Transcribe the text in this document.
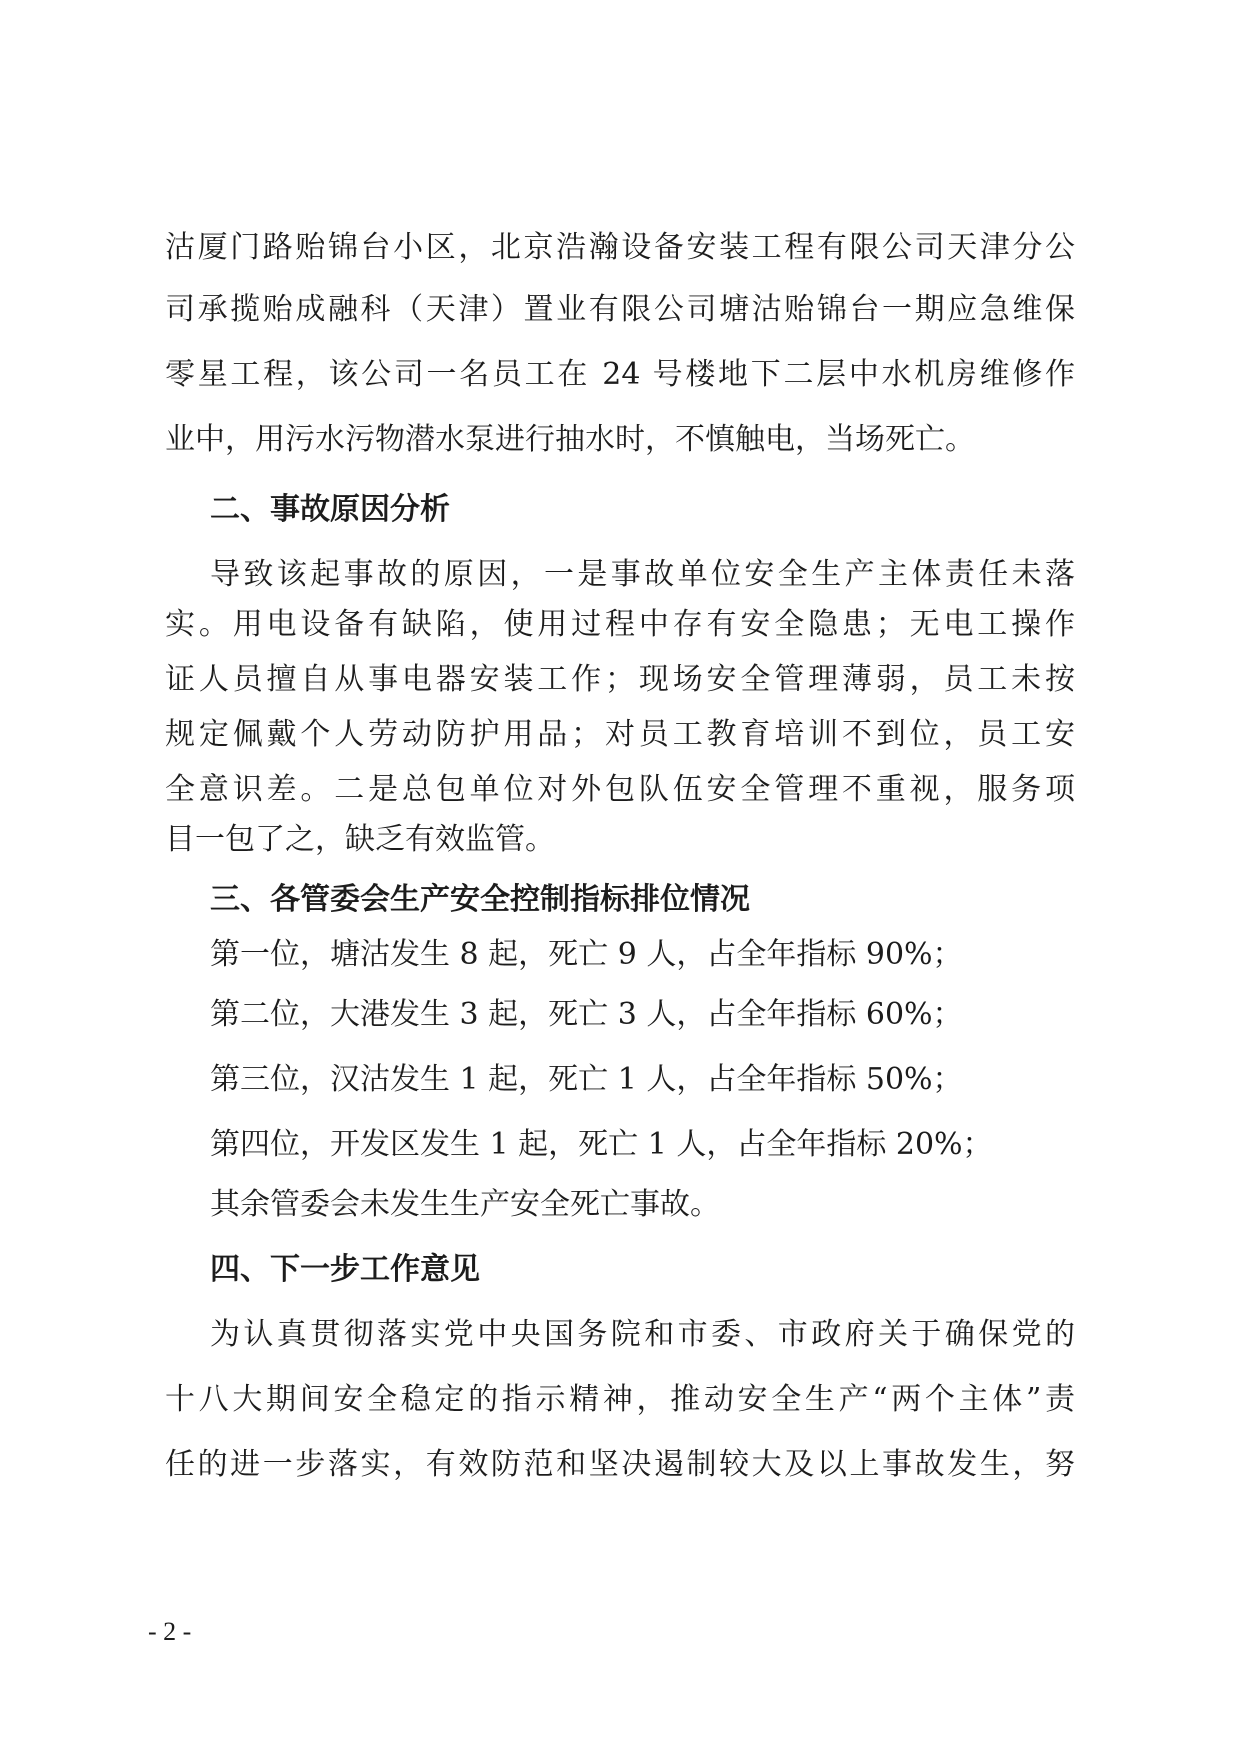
沽厦门路贻锦台小区，北京浩瀚设备安装工程有限公司天津分公
司承揽贻成融科（天津）置业有限公司塘沽贻锦台一期应急维保
零星工程，该公司一名员工在 24 号楼地下二层中水机房维修作
业中，用污水污物潜水泵进行抽水时，不慎触电，当场死亡。
二、事故原因分析
导致该起事故的原因，一是事故单位安全生产主体责任未落
实。用电设备有缺陷，使用过程中存有安全隐患；无电工操作
证人员擅自从事电器安装工作；现场安全管理薄弱，员工未按
规定佩戴个人劳动防护用品；对员工教育培训不到位，员工安
全意识差。二是总包单位对外包队伍安全管理不重视，服务项
目一包了之，缺乏有效监管。
三、各管委会生产安全控制指标排位情况
第一位，塘沽发生 8 起，死亡 9 人，占全年指标 90%；
第二位，大港发生 3 起，死亡 3 人，占全年指标 60%；
第三位，汉沽发生 1 起，死亡 1 人，占全年指标 50%；
第四位，开发区发生 1 起，死亡 1 人，占全年指标 20%；
其余管委会未发生生产安全死亡事故。
四、下一步工作意见
为认真贯彻落实党中央国务院和市委、市政府关于确保党的
十八大期间安全稳定的指示精神，推动安全生产“两个主体”责
任的进一步落实，有效防范和坚决遏制较大及以上事故发生，努
- 2 -
